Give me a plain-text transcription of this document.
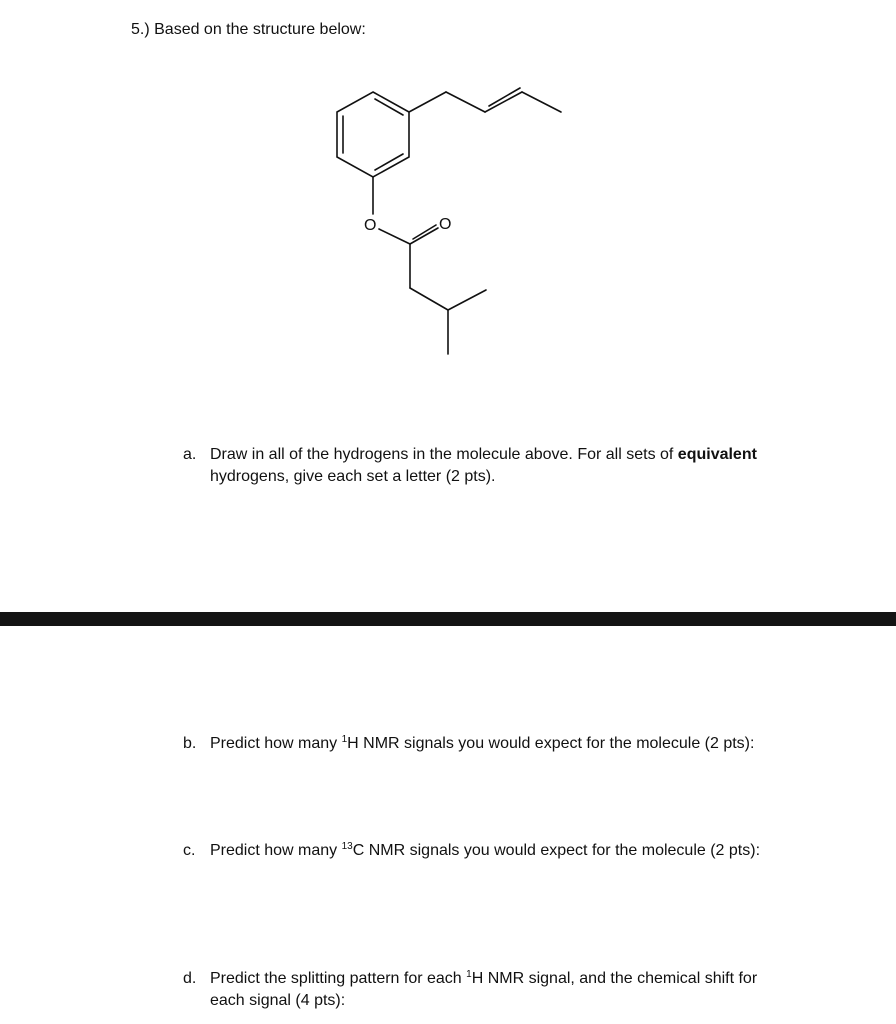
5.) Based on the structure below:
O	O
a. Draw in all of the hydrogens in the molecule above. For all sets of equivalent hydrogens, give each set a letter (2 pts).
b. Predict how many $^1$H NMR signals you would expect for the molecule (2 pts):
c. Predict how many $^{13}$C NMR signals you would expect for the molecule (2 pts):
d. Predict the splitting pattern for each $^1$H NMR signal, and the chemical shift for each signal (4 pts):
